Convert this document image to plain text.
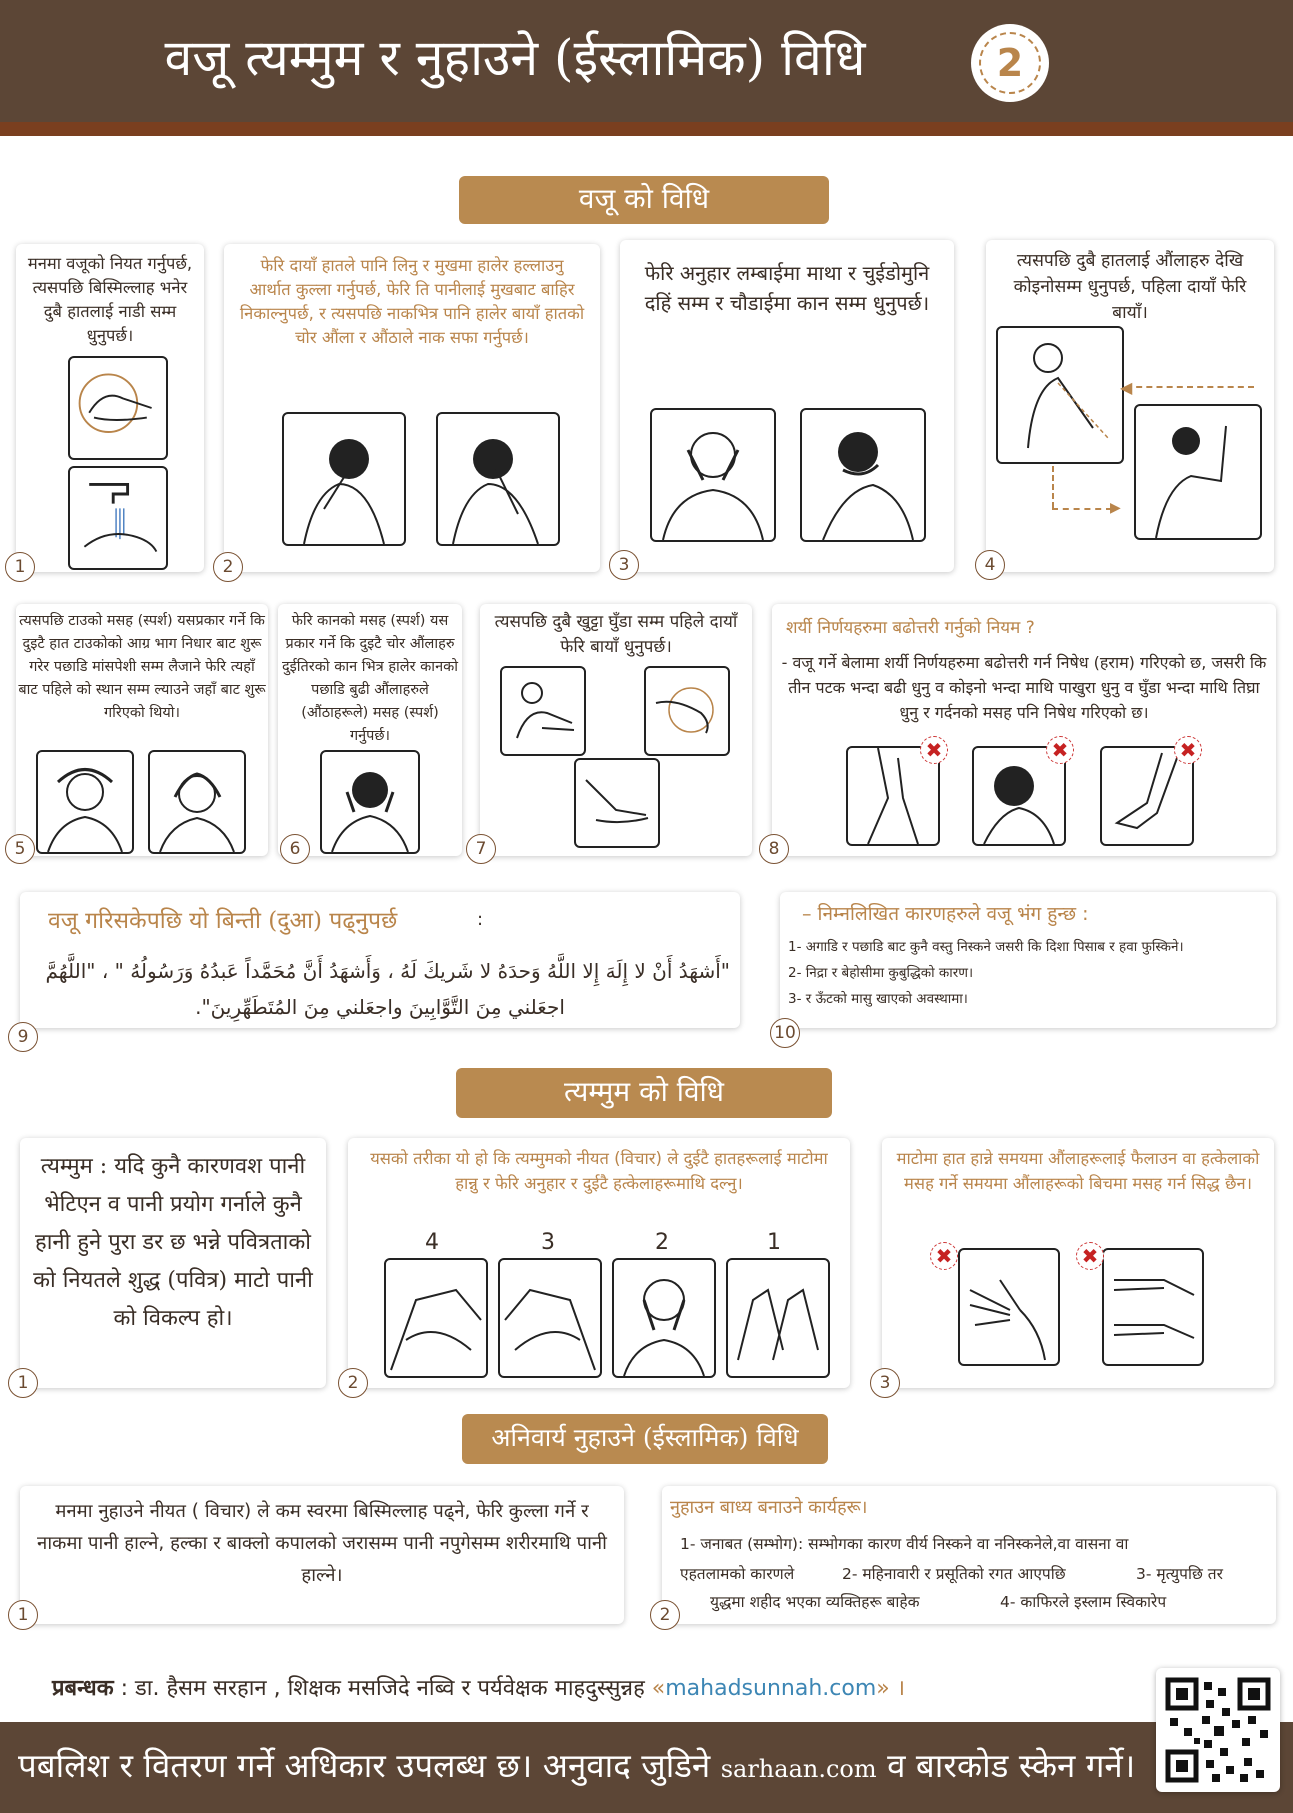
वजू त्यम्मुम र नुहाउने (ईस्लामिक) विधि	2
वजू को विधि
मनमा वजूको नियत गर्नुपर्छ, त्यसपछि बिस्मिल्लाह भनेर दुबै हातलाई नाडी सम्म धुनुपर्छ।
1
फेरि दायाँ हातले पानि लिनु र मुखमा हालेर हल्लाउनु आर्थात कुल्ला गर्नुपर्छ, फेरि ति पानीलाई मुखबाट बाहिर निकाल्नुपर्छ, र त्यसपछि नाकभित्र पानि हालेर बायाँ हातको चोर औंला र औंठाले नाक सफा गर्नुपर्छ।
2
फेरि अनुहार लम्बाईमा माथा र चुईडोमुनि दहिं सम्म र चौडाईमा कान सम्म धुनुपर्छ।
3
त्यसपछि दुबै हातलाई औंलाहरु देखि कोइनोसम्म धुनुपर्छ, पहिला दायाँ फेरि बायाँ।
◀
▶
4
त्यसपछि टाउको मसह (स्पर्श) यसप्रकार गर्ने कि दुइटै हात टाउकोको आग्र भाग निधार बाट शुरू गरेर पछाडि मांसपेशी सम्म लैजाने फेरि त्यहाँ बाट पहिले को स्थान सम्म ल्याउने जहाँ बाट शुरू गरिएको थियो।
5
फेरि कानको मसह (स्पर्श) यस प्रकार गर्ने कि दुइटै चोर औंलाहरु दुईतिरको कान भित्र हालेर कानको पछाडि बुढी औंलाहरुले (औंठाहरूले) मसह (स्पर्श) गर्नुपर्छ।
6
त्यसपछि दुबै खुट्टा घुँडा सम्म पहिले दायाँ फेरि बायाँ धुनुपर्छ।
7
शर्यी निर्णयहरुमा बढोत्तरी गर्नुको नियम ?
- वजू गर्ने बेलामा शर्यी निर्णयहरुमा बढोत्तरी गर्न निषेध (हराम) गरिएको छ, जसरी कि तीन पटक भन्दा बढी धुनु व कोइनो भन्दा माथि पाखुरा धुनु व घुँडा भन्दा माथि तिघ्रा धुनु र गर्दनको मसह पनि निषेध गरिएको छ।
✖	✖	✖
8
वजू गरिसकेपछि यो बिन्ती (दुआ) पढ्नुपर्छ	:
"أَشهَدُ أَنْ لا إِلَهَ إِلا اللَّهُ وَحدَهُ لا شَريكَ لَهُ ، وَأَشهَدُ أَنَّ مُحَمَّداً عَبدُهُ وَرَسُولُهُ " ، "اللَّهُمَّ
اجعَلني مِنَ التَّوَّابِينَ واجعَلني مِنَ المُتَطَهِّرِينَ".
9
– निम्नलिखित कारणहरुले वजू भंग हुन्छ :
1- अगाडि र पछाडि बाट कुनै वस्तु निस्कने जसरी कि दिशा पिसाब र हवा फुस्किने।
2- निद्रा र बेहोसीमा कुबुद्धिको कारण।
3- र ऊँटको मासु खाएको अवस्थामा।
10
त्यम्मुम को विधि
त्यम्मुम : यदि कुनै कारणवश पानी भेटिएन व पानी प्रयोग गर्नाले कुनै हानी हुने पुरा डर छ भन्ने पवित्रताको को नियतले शुद्ध (पवित्र) माटो पानी को विकल्प हो।
1
यसको तरीका यो हो कि त्यम्मुमको नीयत (विचार) ले दुईटै हातहरूलाई माटोमा हान्नु र फेरि अनुहार र दुईटै हत्केलाहरूमाथि दल्नु।
4	3	2	1
2
माटोमा हात हान्ने समयमा औंलाहरूलाई फैलाउन वा हत्केलाको मसह गर्ने समयमा औंलाहरूको बिचमा मसह गर्न सिद्ध छैन।
✖	✖
3
अनिवार्य नुहाउने (ईस्लामिक) विधि
मनमा नुहाउने नीयत ( विचार) ले कम स्वरमा बिस्मिल्लाह पढ्ने, फेरि कुल्ला गर्ने र नाकमा पानी हाल्ने, हल्का र बाक्लो कपालको जरासम्म पानी नपुगेसम्म शरीरमाथि पानी हाल्ने।
1
नुहाउन बाध्य बनाउने कार्यहरू।
1- जनाबत (सम्भोग): सम्भोगका कारण वीर्य निस्कने वा ननिस्कनेले,वा वासना वा
एहतलामको कारणले	2- महिनावारी र प्रसूतिको रगत आएपछि	3- मृत्युपछि तर
युद्धमा शहीद भएका व्यक्तिहरू बाहेक	4- काफिरले इस्लाम स्विकारेप
2
प्रबन्धक : डा. हैसम सरहान , शिक्षक मसजिदे नब्वि र पर्यवेक्षक माहदुस्सुन्नह «mahadsunnah.com» ।
पबलिश र वितरण गर्ने अधिकार उपलब्ध छ। अनुवाद जुडिने sarhaan.com व बारकोड स्केन गर्ने।
